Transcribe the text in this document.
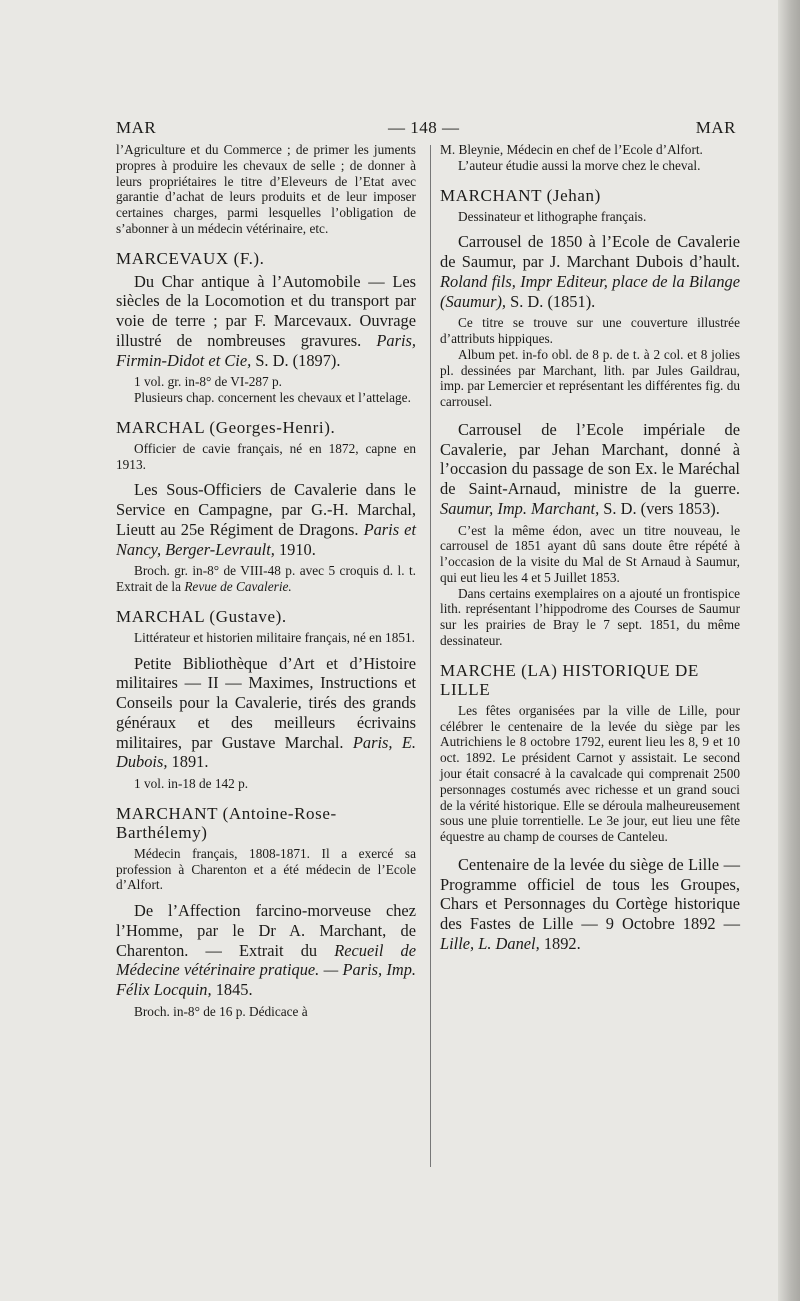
MAR	— 148 —	MAR

l’Agriculture et du Commerce ; de primer les juments propres à produire les chevaux de selle ; de donner à leurs propriétaires le titre d’Eleveurs de l’Etat avec garantie d’achat de leurs produits et de leur imposer certaines charges, parmi lesquelles l’obligation de s’abonner à un médecin vétérinaire, etc.

MARCEVAUX (F.).

Du Char antique à l’Automobile — Les siècles de la Locomotion et du transport par voie de terre ; par F. Marcevaux. Ouvrage illustré de nombreuses gravures. Paris, Firmin-Didot et Cie, S. D. (1897).

1 vol. gr. in-8° de VI-287 p.

Plusieurs chap. concernent les chevaux et l’attelage.

MARCHAL (Georges-Henri).

Officier de cavie français, né en 1872, capne en 1913.

Les Sous-Officiers de Cavalerie dans le Service en Campagne, par G.-H. Marchal, Lieutt au 25e Régiment de Dragons. Paris et Nancy, Berger-Levrault, 1910.

Broch. gr. in-8° de VIII-48 p. avec 5 croquis d. l. t. Extrait de la Revue de Cavalerie.

MARCHAL (Gustave).

Littérateur et historien militaire français, né en 1851.

Petite Bibliothèque d’Art et d’Histoire militaires — II — Maximes, Instructions et Conseils pour la Cavalerie, tirés des grands généraux et des meilleurs écrivains militaires, par Gustave Marchal. Paris, E. Dubois, 1891.

1 vol. in-18 de 142 p.

MARCHANT (Antoine-Rose-Barthélemy)

Médecin français, 1808-1871. Il a exercé sa profession à Charenton et a été médecin de l’Ecole d’Alfort.

De l’Affection farcino-morveuse chez l’Homme, par le Dr A. Marchant, de Charenton. — Extrait du Recueil de Médecine vétérinaire pratique. — Paris, Imp. Félix Locquin, 1845.

Broch. in-8° de 16 p. Dédicace à

M. Bleynie, Médecin en chef de l’Ecole d’Alfort.

L’auteur étudie aussi la morve chez le cheval.

MARCHANT (Jehan)

Dessinateur et lithographe français.

Carrousel de 1850 à l’Ecole de Cavalerie de Saumur, par J. Marchant Dubois d’hault. Roland fils, Impr Editeur, place de la Bilange (Saumur), S. D. (1851).

Ce titre se trouve sur une couverture illustrée d’attributs hippiques.

Album pet. in-fo obl. de 8 p. de t. à 2 col. et 8 jolies pl. dessinées par Marchant, lith. par Jules Gaildrau, imp. par Lemercier et représentant les différentes fig. du carrousel.

Carrousel de l’Ecole impériale de Cavalerie, par Jehan Marchant, donné à l’occasion du passage de son Ex. le Maréchal de Saint-Arnaud, ministre de la guerre. Saumur, Imp. Marchant, S. D. (vers 1853).

C’est la même édon, avec un titre nouveau, le carrousel de 1851 ayant dû sans doute être répété à l’occasion de la visite du Mal de St Arnaud à Saumur, qui eut lieu les 4 et 5 Juillet 1853.

Dans certains exemplaires on a ajouté un frontispice lith. représentant l’hippodrome des Courses de Saumur sur les prairies de Bray le 7 sept. 1851, du même dessinateur.

MARCHE (LA) HISTORIQUE DE LILLE

Les fêtes organisées par la ville de Lille, pour célébrer le centenaire de la levée du siège par les Autrichiens le 8 octobre 1792, eurent lieu les 8, 9 et 10 oct. 1892. Le président Carnot y assistait. Le second jour était consacré à la cavalcade qui comprenait 2500 personnages costumés avec richesse et un grand souci de la vérité historique. Elle se déroula malheureusement sous une pluie torrentielle. Le 3e jour, eut lieu une fête équestre au champ de courses de Canteleu.

Centenaire de la levée du siège de Lille — Programme officiel de tous les Groupes, Chars et Personnages du Cortège historique des Fastes de Lille — 9 Octobre 1892 — Lille, L. Danel, 1892.
